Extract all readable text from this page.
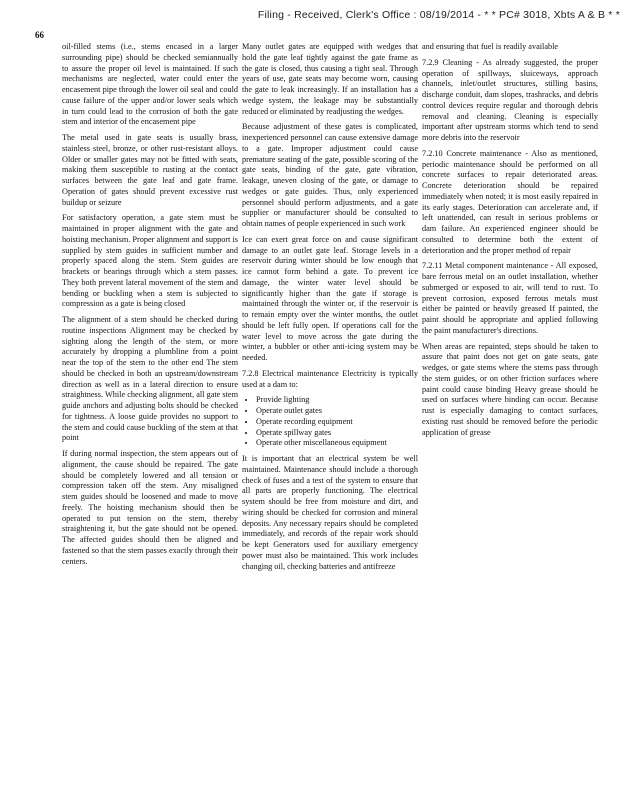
Filing - Received, Clerk's Office : 08/19/2014 - * * PC# 3018, Xbts A & B * *
66

oil-filled stems (i.e., stems encased in a larger surrounding pipe) should be checked semiannually to assure the proper oil level is maintained. If such mechanisms are neglected, water could enter the encasement pipe through the lower oil seal and could cause failure of the upper and/or lower seals which in turn could lead to the corrosion of both the gate stem and interior of the encasement pipe

The metal used in gate seats is usually brass, stainless steel, bronze, or other rust-resistant alloys. Older or smaller gates may not be fitted with seats, making them susceptible to rusting at the contact surfaces between the gate leaf and gate frame. Operation of gates should prevent excessive rust buildup or seizure

For satisfactory operation, a gate stem must be maintained in proper alignment with the gate and hoisting mechanism. Proper alignment and support is supplied by stem guides in sufficient number and properly spaced along the stem. Stem guides are brackets or bearings through which a stem passes. They both prevent lateral movement of the stem and bending or buckling when a stem is subjected to compression as a gate is being closed

The alignment of a stem should be checked during routine inspections Alignment may be checked by sighting along the length of the stem, or more accurately by dropping a plumbline from a point near the top of the stem to the other end The stem should be checked in both an upstream/downstream direction as well as in a lateral direction to ensure straightness. While checking alignment, all gate stem guide anchors and adjusting bolts should be checked for tightness. A loose guide provides no support to the stem and could cause buckling of the stem at that point

If during normal inspection, the stem appears out of alignment, the cause should be repaired. The gate should be completely lowered and all tension or compression taken off the stem. Any misaligned stem guides should be loosened and made to move freely. The hoisting mechanism should then be operated to put tension on the stem, thereby straightening it, but the gate should not be opened. The affected guides should then be aligned and fastened so that the stem passes exactly through their centers.

Many outlet gates are equipped with wedges that hold the gate leaf tightly against the gate frame as the gate is closed, thus causing a tight seal. Through years of use, gate seats may become worn, causing the gate to leak increasingly. If an installation has a wedge system, the leakage may be substantially reduced or eliminated by readjusting the wedges.

Because adjustment of these gates is complicated, inexperienced personnel can cause extensive damage to a gate. Improper adjustment could cause premature seating of the gate, possible scoring of the gate seats, binding of the gate, gate vibration, leakage, uneven closing of the gate, or damage to wedges or gate guides. Thus, only experienced personnel should perform adjustments, and a gate supplier or manufacturer should be consulted to obtain names of people experienced in such work

Ice can exert great force on and cause significant damage to an outlet gate leaf. Storage levels in a reservoir during winter should be low enough that ice cannot form behind a gate. To prevent ice damage, the winter water level should be significantly higher than the gate if storage is maintained through the winter or, if the reservoir is to remain empty over the winter months, the outlet should be left fully open. If operations call for the water level to move across the gate during the winter, a bubbler or other anti-icing system may be needed.

7.2.8 Electrical maintenance Electricity is typically used at a dam to:

• Provide lighting
• Operate outlet gates
• Operate recording equipment
• Operate spillway gates
• Operate other miscellaneous equipment

It is important that an electrical system be well maintained. Maintenance should include a thorough check of fuses and a test of the system to ensure that all parts are properly functioning. The electrical system should be free from moisture and dirt, and wiring should be checked for corrosion and mineral deposits. Any necessary repairs should be completed immediately, and records of the repair work should be kept Generators used for auxiliary emergency power must also be maintained. This work includes changing oil, checking batteries and antifreeze

and ensuring that fuel is readily available

7.2.9 Cleaning - As already suggested, the proper operation of spillways, sluiceways, approach channels, inlet/outlet structures, stilling basins, discharge conduit, dam slopes, trashracks, and debris control devices require regular and thorough debris removal and cleaning. Cleaning is especially important after upstream storms which tend to send more debris into the reservoir

7.2.10 Concrete maintenance - Also as mentioned, periodic maintenance should be performed on all concrete surfaces to repair deteriorated areas. Concrete deterioration should be repaired immediately when noted; it is most easily repaired in its early stages. Deterioration can accelerate and, if left unattended, can result in serious problems or dam failure. An experienced engineer should be consulted to determine both the extent of deterioration and the proper method of repair

7.2.11 Metal component maintenance - All exposed, bare ferrous metal on an outlet installation, whether submerged or exposed to air, will tend to rust. To prevent corrosion, exposed ferrous metals must either be painted or heavily greased If painted, the paint should be appropriate and applied following the paint manufacturer's directions.

When areas are repainted, steps should be taken to assure that paint does not get on gate seats, gate wedges, or gate stems where the stems pass through the stem guides, or on other friction surfaces where paint could cause binding Heavy grease should be used on surfaces where binding can occur. Because rust is especially damaging to contact surfaces, existing rust should be removed before the periodic application of grease
